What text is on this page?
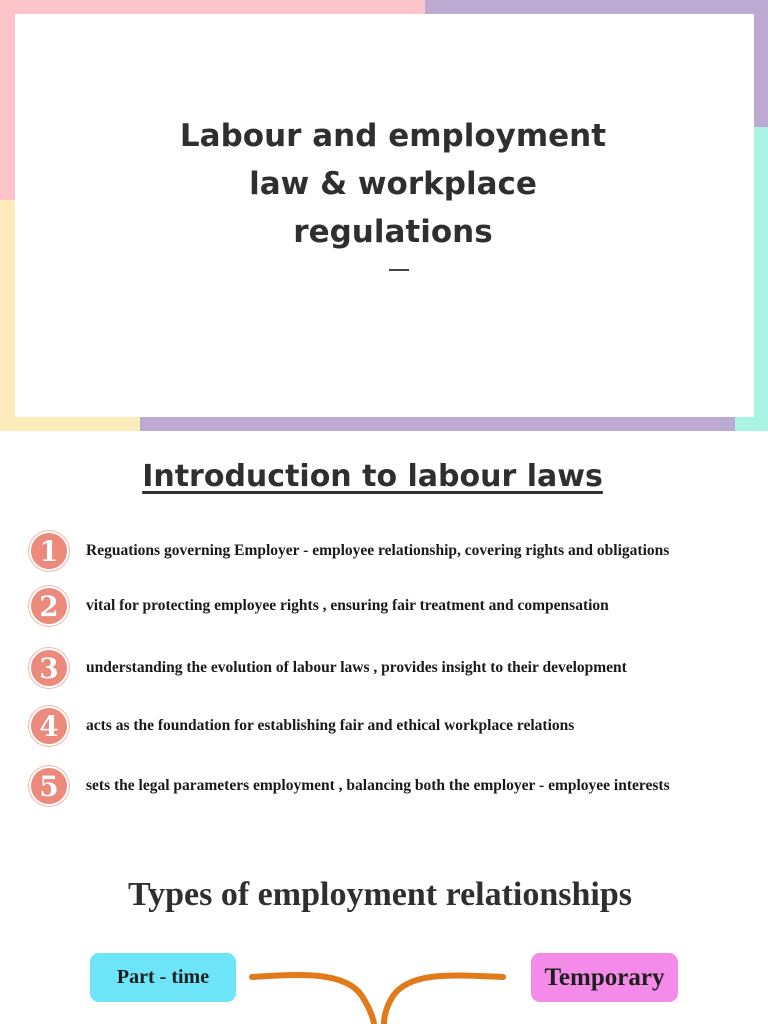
Labour and employment
law & workplace
regulations
Introduction to labour laws
1	Reguations governing Employer - employee relationship, covering rights and obligations
2	vital for protecting employee rights , ensuring fair treatment and compensation
3	understanding the evolution of labour laws , provides insight to their development
4	acts as the foundation for establishing fair and ethical workplace relations
5	sets the legal parameters employment , balancing both the employer - employee interests
Types of employment relationships
Part - time	Temporary
